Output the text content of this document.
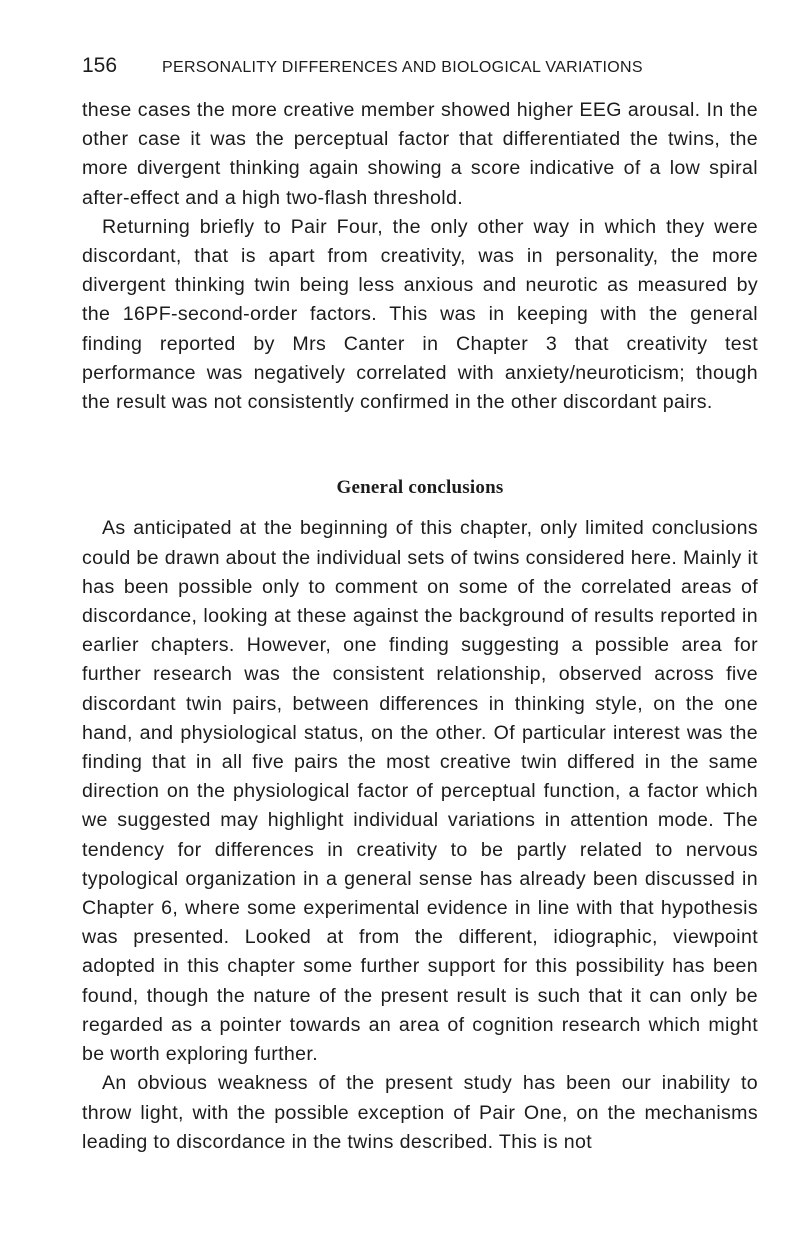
156	PERSONALITY DIFFERENCES AND BIOLOGICAL VARIATIONS

these cases the more creative member showed higher EEG arousal. In the other case it was the perceptual factor that differentiated the twins, the more divergent thinking again showing a score indicative of a low spiral after-effect and a high two-flash threshold.

Returning briefly to Pair Four, the only other way in which they were discordant, that is apart from creativity, was in personality, the more divergent thinking twin being less anxious and neurotic as measured by the 16PF-second-order factors. This was in keeping with the general finding reported by Mrs Canter in Chapter 3 that creativity test performance was negatively correlated with anxiety/neuroticism; though the result was not consistently confirmed in the other discordant pairs.

General conclusions

As anticipated at the beginning of this chapter, only limited conclusions could be drawn about the individual sets of twins considered here. Mainly it has been possible only to comment on some of the correlated areas of discordance, looking at these against the background of results reported in earlier chapters. However, one finding suggesting a possible area for further research was the consistent relationship, observed across five discordant twin pairs, between differences in thinking style, on the one hand, and physiological status, on the other. Of particular interest was the finding that in all five pairs the most creative twin differed in the same direction on the physiological factor of perceptual function, a factor which we suggested may highlight individual variations in attention mode. The tendency for differences in creativity to be partly related to nervous typological organization in a general sense has already been discussed in Chapter 6, where some experimental evidence in line with that hypothesis was presented. Looked at from the different, idiographic, viewpoint adopted in this chapter some further support for this possibility has been found, though the nature of the present result is such that it can only be regarded as a pointer towards an area of cognition research which might be worth exploring further.

An obvious weakness of the present study has been our inability to throw light, with the possible exception of Pair One, on the mechanisms leading to discordance in the twins described. This is not
